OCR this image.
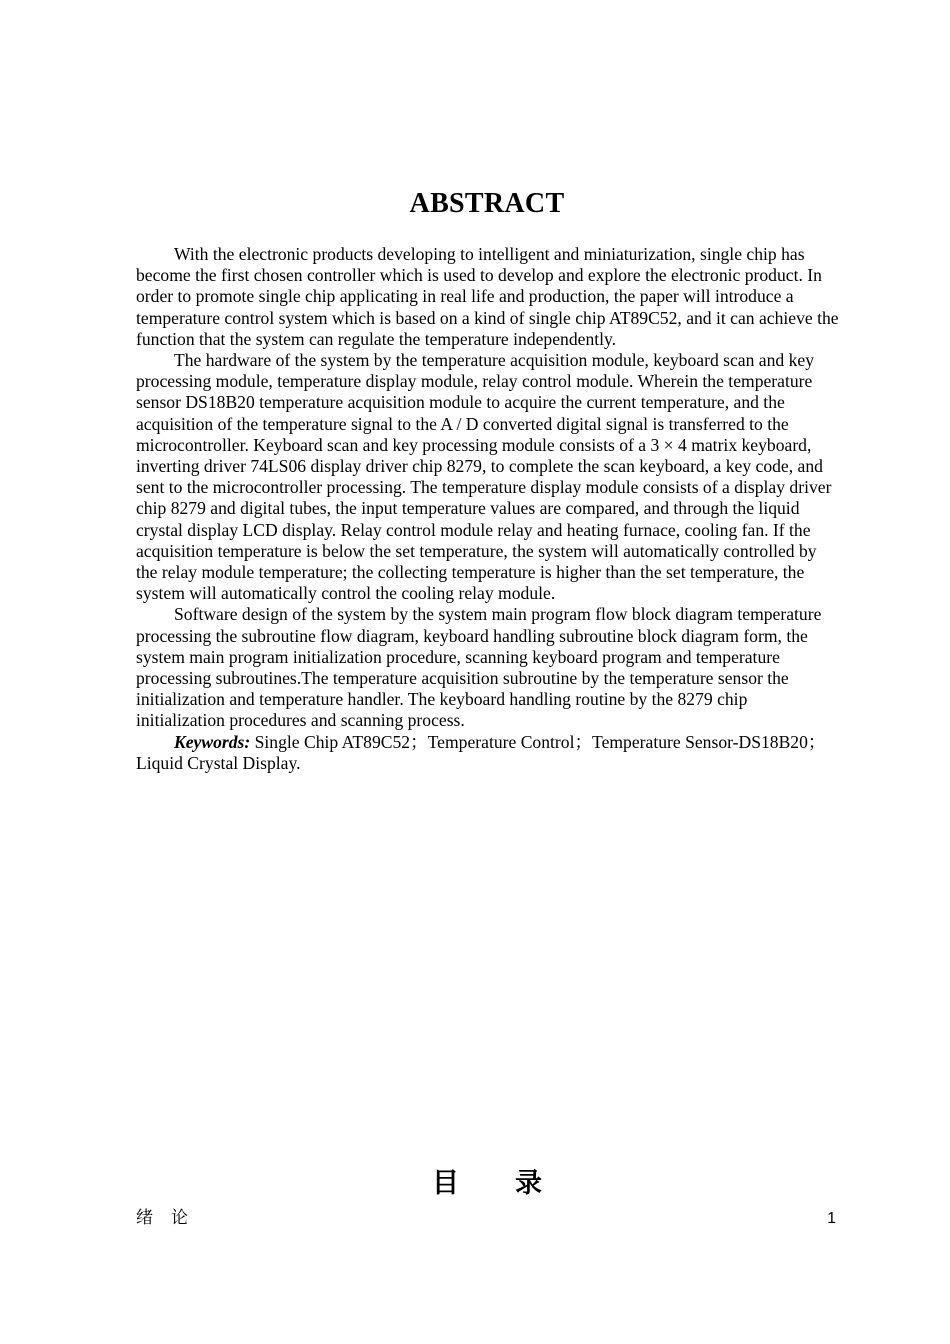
ABSTRACT

With the electronic products developing to intelligent and miniaturization, single chip has become the first chosen controller which is used to develop and explore the electronic product. In order to promote single chip applicating in real life and production, the paper will introduce a temperature control system which is based on a kind of single chip AT89C52, and it can achieve the function that the system can regulate the temperature independently.

The hardware of the system by the temperature acquisition module, keyboard scan and key processing module, temperature display module, relay control module. Wherein the temperature sensor DS18B20 temperature acquisition module to acquire the current temperature, and the acquisition of the temperature signal to the A / D converted digital signal is transferred to the microcontroller. Keyboard scan and key processing module consists of a 3 × 4 matrix keyboard, inverting driver 74LS06 display driver chip 8279, to complete the scan keyboard, a key code, and sent to the microcontroller processing. The temperature display module consists of a display driver chip 8279 and digital tubes, the input temperature values are compared, and through the liquid crystal display LCD display. Relay control module relay and heating furnace, cooling fan. If the acquisition temperature is below the set temperature, the system will automatically controlled by the relay module temperature; the collecting temperature is higher than the set temperature, the system will automatically control the cooling relay module.

Software design of the system by the system main program flow block diagram temperature processing the subroutine flow diagram, keyboard handling subroutine block diagram form, the system main program initialization procedure, scanning keyboard program and temperature processing subroutines.The temperature acquisition subroutine by the temperature sensor the initialization and temperature handler. The keyboard handling routine by the 8279 chip initialization procedures and scanning process.

Keywords: Single Chip AT89C52；Temperature Control；Temperature Sensor-DS18B20；Liquid Crystal Display.

目 录
绪论	1
